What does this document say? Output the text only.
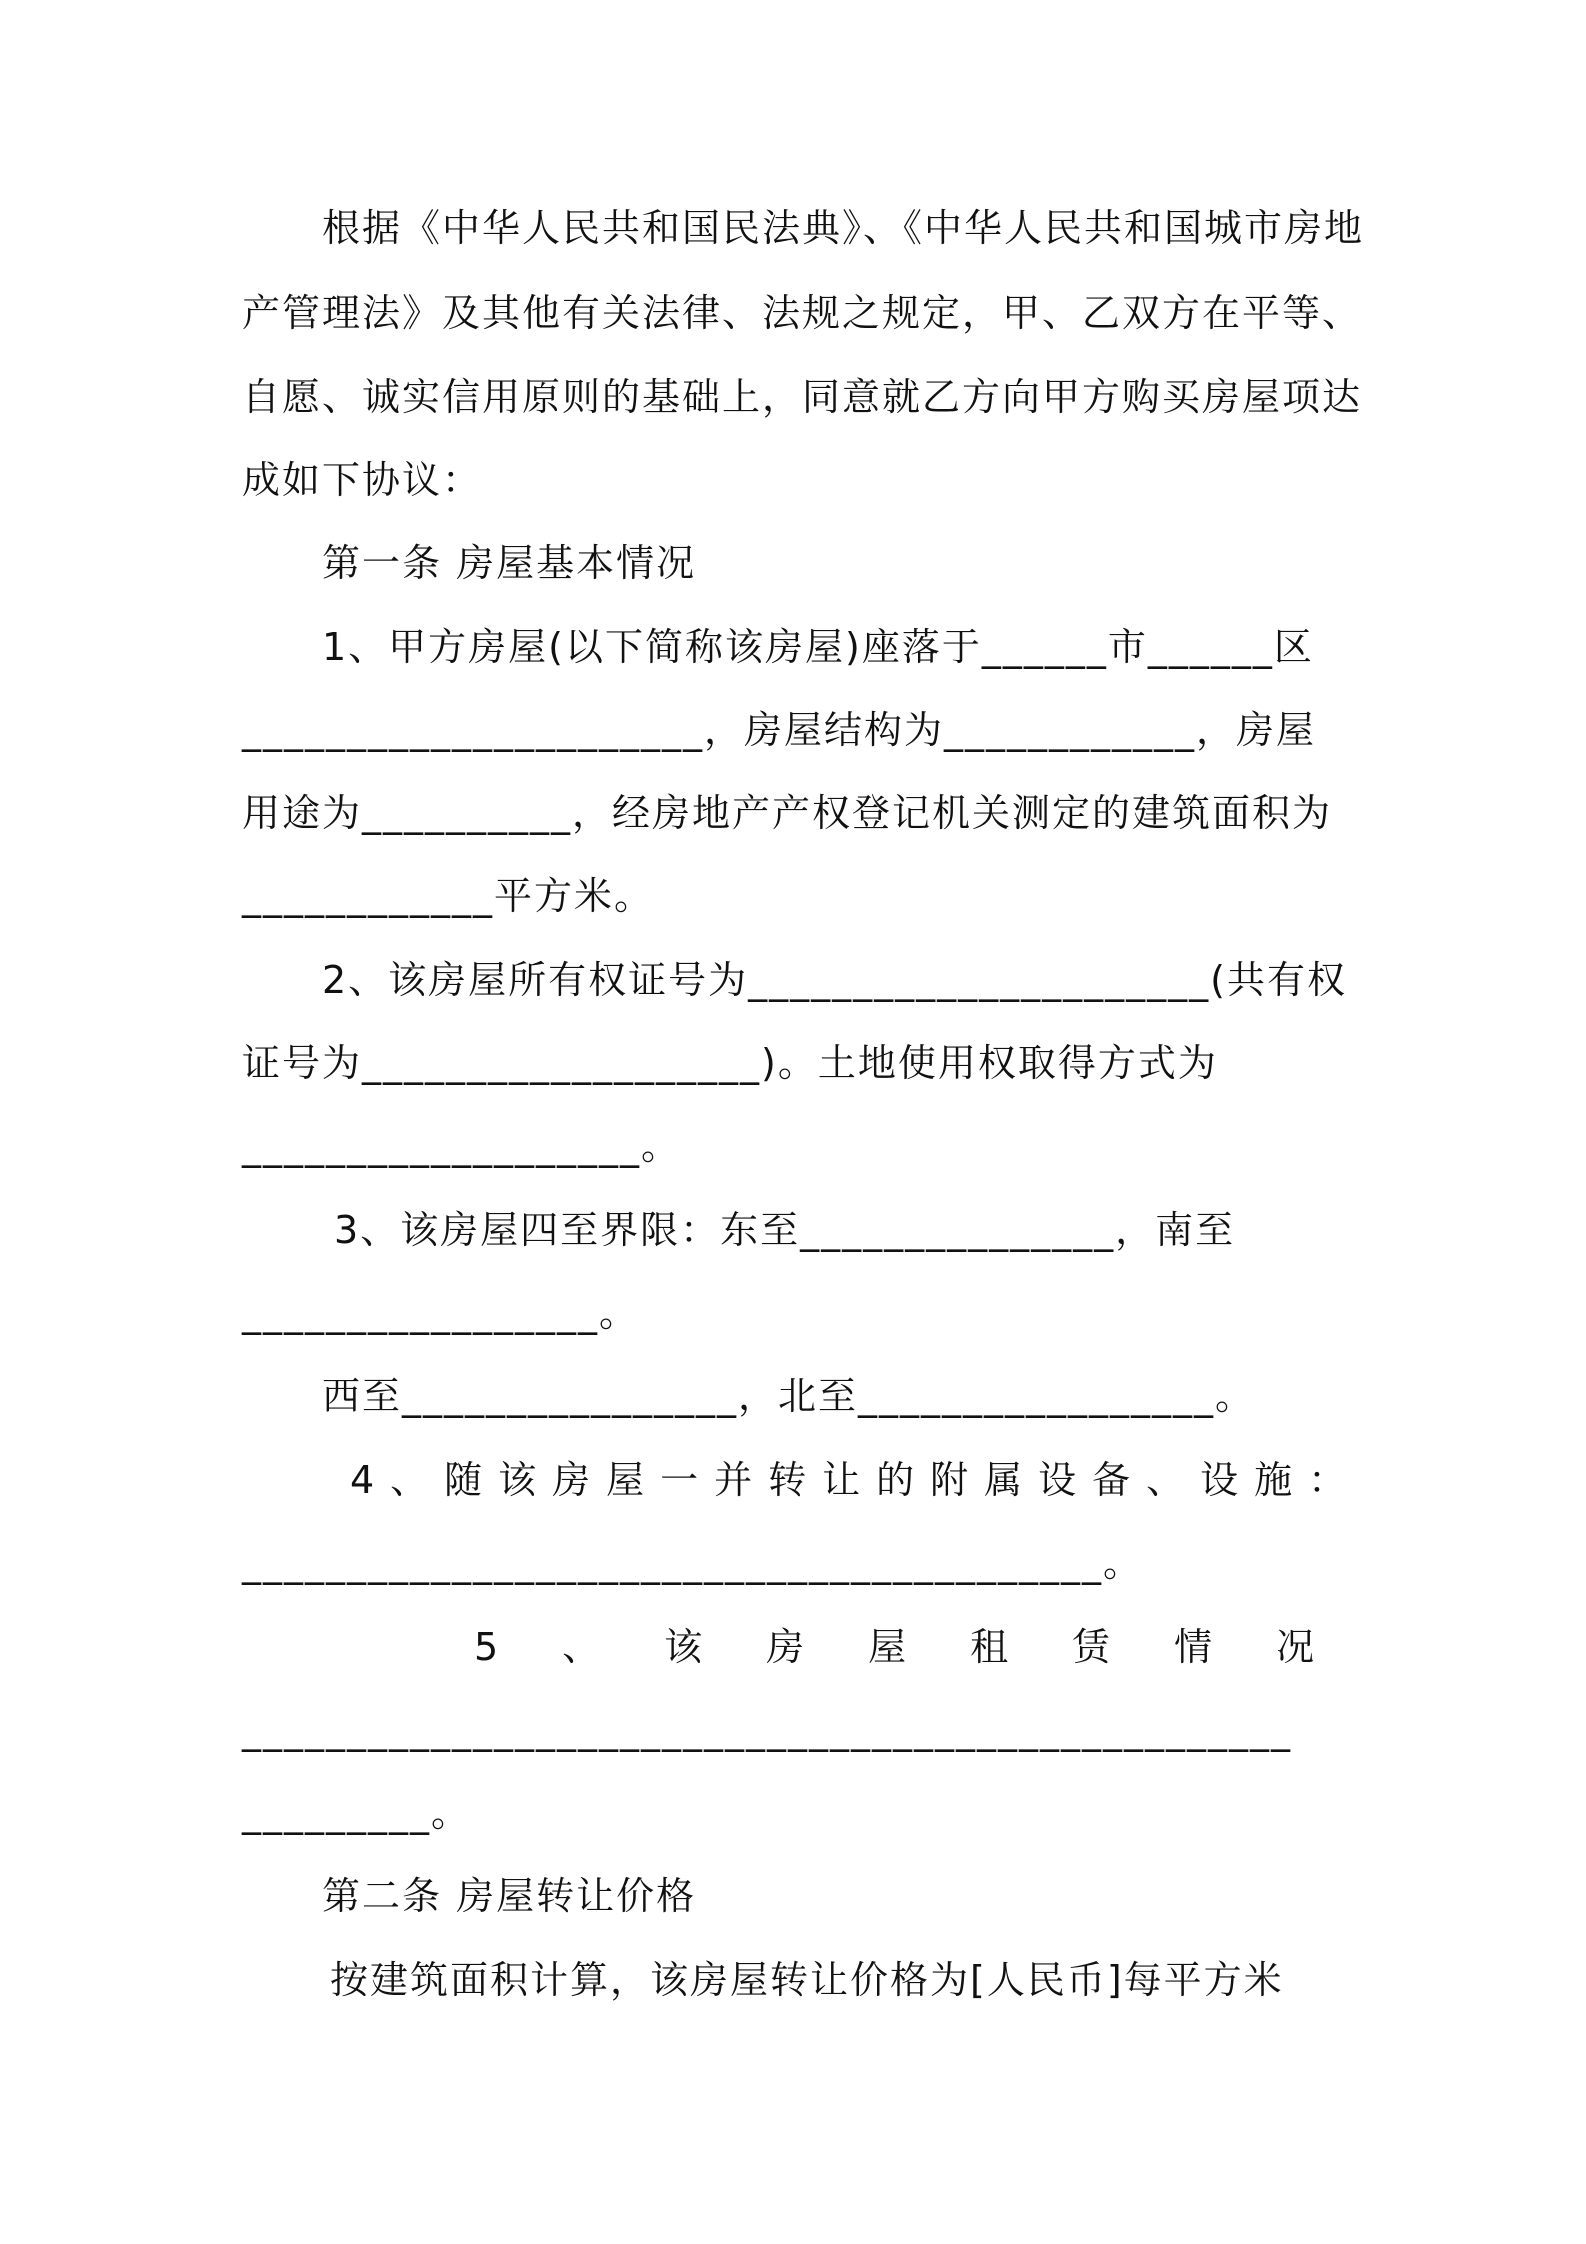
根据《中华人民共和国民法典》、《中华人民共和国城市房地
产管理法》及其他有关法律、法规之规定，甲、乙双方在平等、
自愿、诚实信用原则的基础上，同意就乙方向甲方购买房屋项达
成如下协议：
第一条 房屋基本情况
1、甲方房屋(以下简称该房屋)座落于______市______区
______________________，房屋结构为____________，房屋
用途为__________，经房地产产权登记机关测定的建筑面积为
____________平方米。
2、该房屋所有权证号为______________________(共有权
证号为___________________)。土地使用权取得方式为
___________________。
3、该房屋四至界限：东至_______________，南至
_________________。
西至________________，北至_________________。
4、随该房屋一并转让的附属设备、设施：
_________________________________________。
5、该房屋租赁情况
__________________________________________________
_________。
第二条 房屋转让价格
按建筑面积计算，该房屋转让价格为[人民币]每平方米
